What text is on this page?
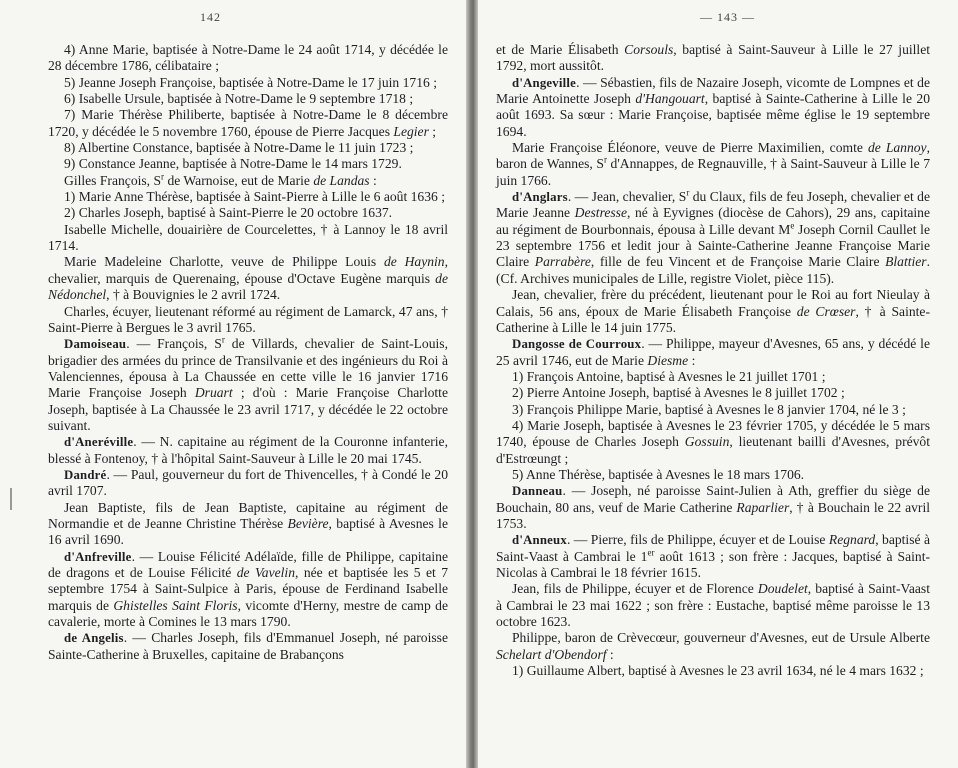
142

4) Anne Marie, baptisée à Notre-Dame le 24 août 1714, y décédée le 28 décembre 1786, célibataire ;

5) Jeanne Joseph Françoise, baptisée à Notre-Dame le 17 juin 1716 ;

6) Isabelle Ursule, baptisée à Notre-Dame le 9 septembre 1718 ;

7) Marie Thérèse Philiberte, baptisée à Notre-Dame le 8 décembre 1720, y décédée le 5 novembre 1760, épouse de Pierre Jacques Legier ;

8) Albertine Constance, baptisée à Notre-Dame le 11 juin 1723 ;

9) Constance Jeanne, baptisée à Notre-Dame le 14 mars 1729.

Gilles François, $S^r$ de Warnoise, eut de Marie de Landas :

1) Marie Anne Thérèse, baptisée à Saint-Pierre à Lille le 6 août 1636 ;

2) Charles Joseph, baptisé à Saint-Pierre le 20 octobre 1637.

Isabelle Michelle, douairière de Courcelettes, † à Lannoy le 18 avril 1714.

Marie Madeleine Charlotte, veuve de Philippe Louis de Haynin, chevalier, marquis de Querenaing, épouse d'Octave Eugène marquis de Nédonchel, † à Bouvignies le 2 avril 1724.

Charles, écuyer, lieutenant réformé au régiment de Lamarck, 47 ans, † Saint-Pierre à Bergues le 3 avril 1765.

Damoiseau. — François, $S^r$ de Villards, chevalier de Saint-Louis, brigadier des armées du prince de Transilvanie et des ingénieurs du Roi à Valenciennes, épousa à La Chaussée en cette ville le 16 janvier 1716 Marie Françoise Joseph Druart ; d'où : Marie Françoise Charlotte Joseph, baptisée à La Chaussée le 23 avril 1717, y décédée le 22 octobre suivant.

d'Aneréville. — N. capitaine au régiment de la Couronne infanterie, blessé à Fontenoy, † à l'hôpital Saint-Sauveur à Lille le 20 mai 1745.

Dandré. — Paul, gouverneur du fort de Thivencelles, † à Condé le 20 avril 1707.

Jean Baptiste, fils de Jean Baptiste, capitaine au régiment de Normandie et de Jeanne Christine Thérèse Bevière, baptisé à Avesnes le 16 avril 1690.

d'Anfreville. — Louise Félicité Adélaïde, fille de Philippe, capitaine de dragons et de Louise Félicité de Vavelin, née et baptisée les 5 et 7 septembre 1754 à Saint-Sulpice à Paris, épouse de Ferdinand Isabelle marquis de Ghistelles Saint Floris, vicomte d'Herny, mestre de camp de cavalerie, morte à Comines le 13 mars 1790.

de Angelis. — Charles Joseph, fils d'Emmanuel Joseph, né paroisse Sainte-Catherine à Bruxelles, capitaine de Brabançons

— 143 —

et de Marie Élisabeth Corsouls, baptisé à Saint-Sauveur à Lille le 27 juillet 1792, mort aussitôt.

d'Angeville. — Sébastien, fils de Nazaire Joseph, vicomte de Lompnes et de Marie Antoinette Joseph d'Hangouart, baptisé à Sainte-Catherine à Lille le 20 août 1693. Sa sœur : Marie Françoise, baptisée même église le 19 septembre 1694.

Marie Françoise Éléonore, veuve de Pierre Maximilien, comte de Lannoy, baron de Wannes, $S^r$ d'Annappes, de Regnauville, † à Saint-Sauveur à Lille le 7 juin 1766.

d'Anglars. — Jean, chevalier, $S^r$ du Claux, fils de feu Joseph, chevalier et de Marie Jeanne Destresse, né à Eyvignes (diocèse de Cahors), 29 ans, capitaine au régiment de Bourbonnais, épousa à Lille devant Me Joseph Cornil Caullet le 23 septembre 1756 et ledit jour à Sainte-Catherine Jeanne Françoise Marie Claire Parrabère, fille de feu Vincent et de Françoise Marie Claire Blattier. (Cf. Archives municipales de Lille, registre Violet, pièce 115).

Jean, chevalier, frère du précédent, lieutenant pour le Roi au fort Nieulay à Calais, 56 ans, époux de Marie Élisabeth Françoise de Crœser, † à Sainte-Catherine à Lille le 14 juin 1775.

Dangosse de Courroux. — Philippe, mayeur d'Avesnes, 65 ans, y décédé le 25 avril 1746, eut de Marie Diesme :

1) François Antoine, baptisé à Avesnes le 21 juillet 1701 ;

2) Pierre Antoine Joseph, baptisé à Avesnes le 8 juillet 1702 ;

3) François Philippe Marie, baptisé à Avesnes le 8 janvier 1704, né le 3 ;

4) Marie Joseph, baptisée à Avesnes le 23 février 1705, y décédée le 5 mars 1740, épouse de Charles Joseph Gossuin, lieutenant bailli d'Avesnes, prévôt d'Estrœungt ;

5) Anne Thérèse, baptisée à Avesnes le 18 mars 1706.

Danneau. — Joseph, né paroisse Saint-Julien à Ath, greffier du siège de Bouchain, 80 ans, veuf de Marie Catherine Raparlier, † à Bouchain le 22 avril 1753.

d'Anneux. — Pierre, fils de Philippe, écuyer et de Louise Regnard, baptisé à Saint-Vaast à Cambrai le 1er août 1613 ; son frère : Jacques, baptisé à Saint-Nicolas à Cambrai le 18 février 1615.

Jean, fils de Philippe, écuyer et de Florence Doudelet, baptisé à Saint-Vaast à Cambrai le 23 mai 1622 ; son frère : Eustache, baptisé même paroisse le 13 octobre 1623.

Philippe, baron de Crèvecœur, gouverneur d'Avesnes, eut de Ursule Alberte Schelart d'Obendorf :

1) Guillaume Albert, baptisé à Avesnes le 23 avril 1634, né le 4 mars 1632 ;
